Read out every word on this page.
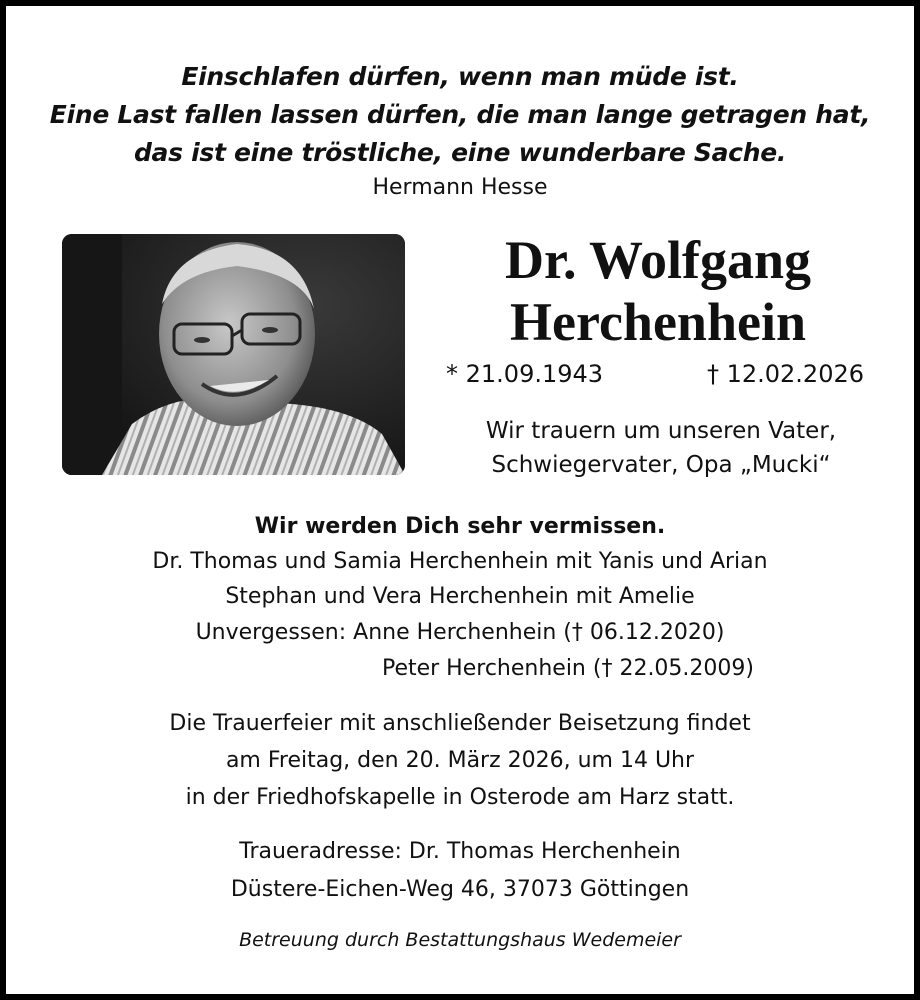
Einschlafen dürfen, wenn man müde ist.
Eine Last fallen lassen dürfen, die man lange getragen hat,
das ist eine tröstliche, eine wunderbare Sache.
Hermann Hesse
Dr. Wolfgang
Herchenhein
* 21.09.1943	† 12.02.2026
Wir trauern um unseren Vater,
Schwiegervater, Opa „Mucki“
Wir werden Dich sehr vermissen.
Dr. Thomas und Samia Herchenhein mit Yanis und Arian
Stephan und Vera Herchenhein mit Amelie
Unvergessen: Anne Herchenhein († 06.12.2020)
Peter Herchenhein († 22.05.2009)
Die Trauerfeier mit anschließender Beisetzung findet
am Freitag, den 20. März 2026, um 14 Uhr
in der Friedhofskapelle in Osterode am Harz statt.
Traueradresse: Dr. Thomas Herchenhein
Düstere-Eichen-Weg 46, 37073 Göttingen
Betreuung durch Bestattungshaus Wedemeier
